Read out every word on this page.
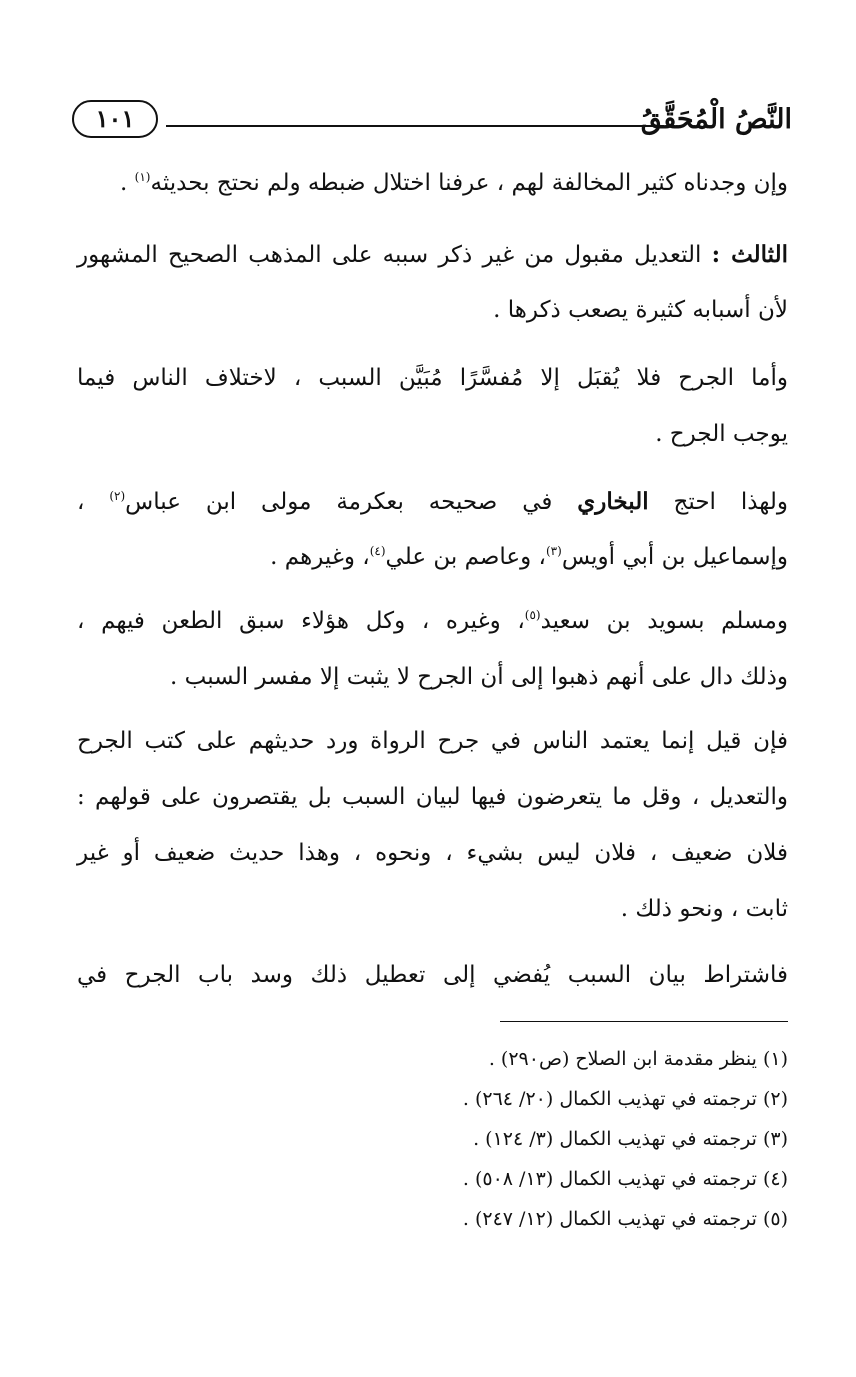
النَّصُ الْمُحَقَّقُ
١٠١
وإن وجدناه كثير المخالفة لهم ، عرفنا اختلال ضبطه ولم نحتج بحديثه$^{(١)}$ .
الثالث : التعديل مقبول من غير ذكر سببه على المذهب الصحيح المشهور
لأن أسبابه كثيرة يصعب ذكرها .
وأما الجرح فلا يُقبَل إلا مُفسَّرًا مُبَيَّن السبب ، لاختلاف الناس فيما
يوجب الجرح .
ولهذا احتج البخاري في صحيحه بعكرمة مولى ابن عباس$^{(٢)}$ ،
وإسماعيل بن أبي أويس$^{(٣)}$، وعاصم بن علي$^{(٤)}$، وغيرهم .
ومسلم بسويد بن سعيد$^{(٥)}$، وغيره ، وكل هؤلاء سبق الطعن فيهم ،
وذلك دال على أنهم ذهبوا إلى أن الجرح لا يثبت إلا مفسر السبب .
فإن قيل إنما يعتمد الناس في جرح الرواة ورد حديثهم على كتب الجرح
والتعديل ، وقل ما يتعرضون فيها لبيان السبب بل يقتصرون على قولهم :
فلان ضعيف ، فلان ليس بشيء ، ونحوه ، وهذا حديث ضعيف أو غير
ثابت ، ونحو ذلك .
فاشتراط بيان السبب يُفضي إلى تعطيل ذلك وسد باب الجرح في
(١) ينظر مقدمة ابن الصلاح (ص٢٩٠) .
(٢) ترجمته في تهذيب الكمال (٢٠/ ٢٦٤) .
(٣) ترجمته في تهذيب الكمال (٣/ ١٢٤) .
(٤) ترجمته في تهذيب الكمال (١٣/ ٥٠٨) .
(٥) ترجمته في تهذيب الكمال (١٢/ ٢٤٧) .
